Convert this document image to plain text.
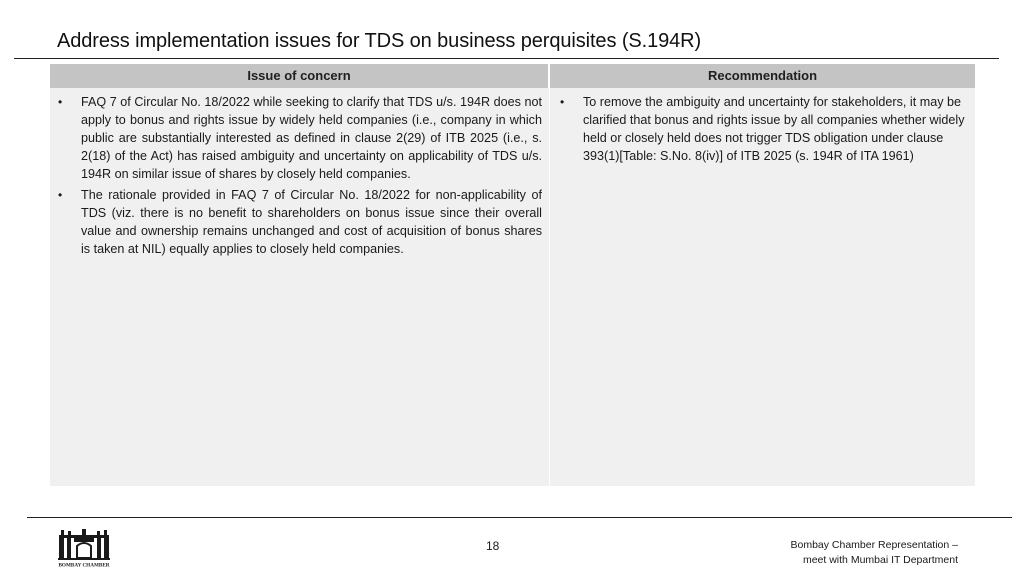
Address implementation issues for TDS on business perquisites (S.194R)
Issue of concern
• FAQ 7 of Circular No. 18/2022 while seeking to clarify that TDS u/s. 194R does not apply to bonus and rights issue by widely held companies (i.e., company in which public are substantially interested as defined in clause 2(29) of ITB 2025 (i.e., s. 2(18) of the Act) has raised ambiguity and uncertainty on applicability of TDS u/s. 194R on similar issue of shares by closely held companies.
• The rationale provided in FAQ 7 of Circular No. 18/2022 for non-applicability of TDS (viz. there is no benefit to shareholders on bonus issue since their overall value and ownership remains unchanged and cost of acquisition of bonus shares is taken at NIL) equally applies to closely held companies.
Recommendation
• To remove the ambiguity and uncertainty for stakeholders, it may be clarified that bonus and rights issue by all companies whether widely held or closely held does not trigger TDS obligation under clause 393(1)[Table: S.No. 8(iv)] of ITB 2025 (s. 194R of ITA 1961)
BOMBAY CHAMBER
18	Bombay Chamber Representation –
meet with Mumbai IT Department
